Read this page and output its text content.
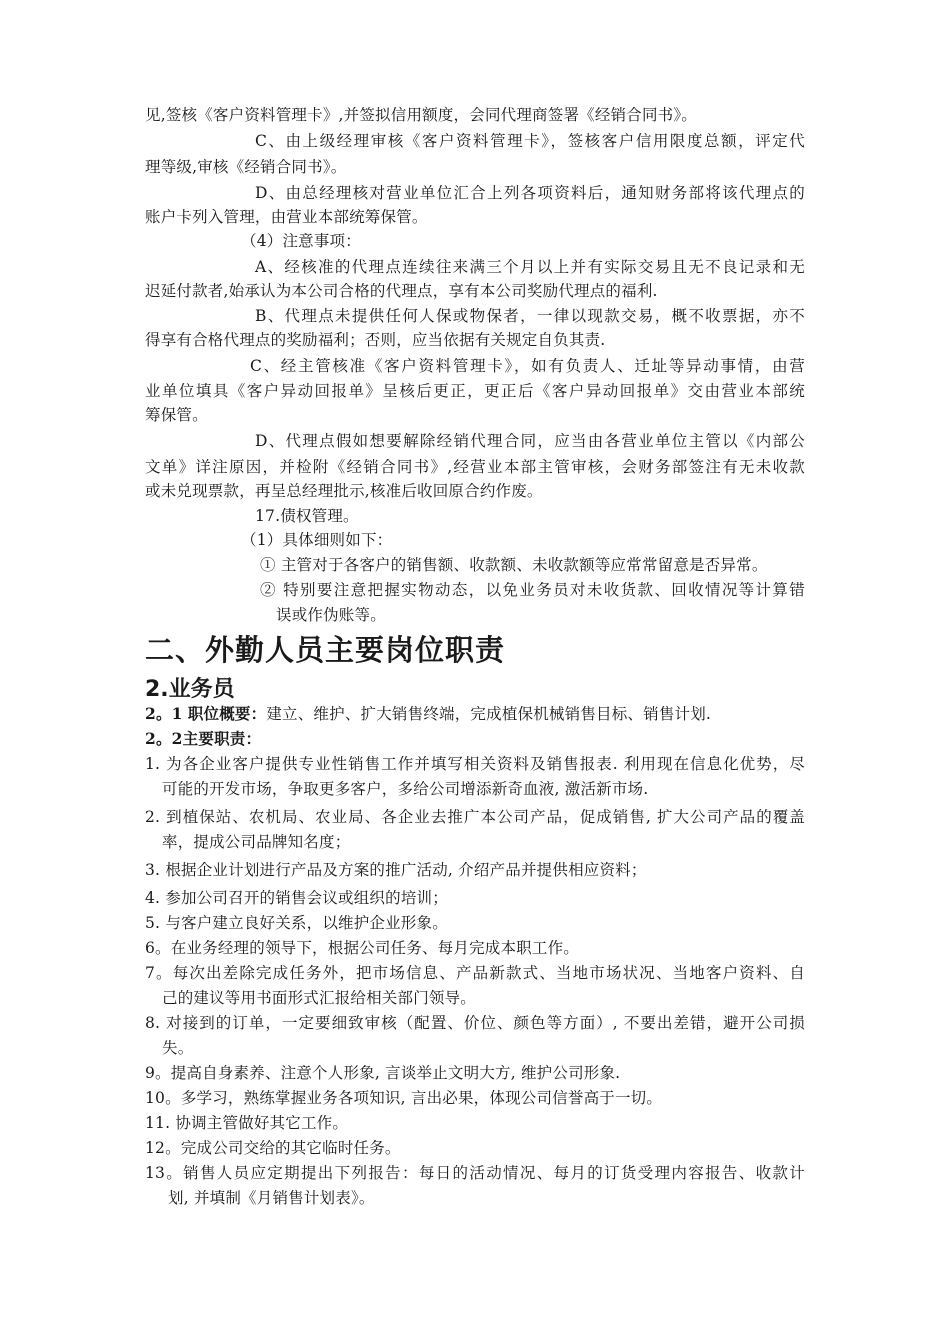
见,签核《客户资料管理卡》,并签拟信用额度，会同代理商签署《经销合同书》。
C、由上级经理审核《客户资料管理卡》，签核客户信用限度总额，评定代
理等级,审核《经销合同书》。
D、由总经理核对营业单位汇合上列各项资料后，通知财务部将该代理点的
账户卡列入管理，由营业本部统筹保管。
（4）注意事项：
A、经核准的代理点连续往来满三个月以上并有实际交易且无不良记录和无
迟延付款者,始承认为本公司合格的代理点，享有本公司奖励代理点的福利.
B、代理点未提供任何人保或物保者，一律以现款交易，概不收票据，亦不
得享有合格代理点的奖励福利；否则，应当依据有关规定自负其责.
C、经主管核准《客户资料管理卡》，如有负责人、迁址等异动事情，由营
业单位填具《客户异动回报单》呈核后更正，更正后《客户异动回报单》交由营业本部统
筹保管。
D、代理点假如想要解除经销代理合同，应当由各营业单位主管以《内部公
文单》详注原因，并检附《经销合同书》,经营业本部主管审核，会财务部签注有无未收款
或未兑现票款，再呈总经理批示,核准后收回原合约作废。
17.债权管理。
（1）具体细则如下：
① 主管对于各客户的销售额、收款额、未收款额等应常常留意是否异常。
② 特别要注意把握实物动态，以免业务员对未收货款、回收情况等计算错
误或作伪账等。
二、外勤人员主要岗位职责
2.业务员
2。1 职位概要：建立、维护、扩大销售终端，完成植保机械销售目标、销售计划.
2。2主要职责：
1. 为各企业客户提供专业性销售工作并填写相关资料及销售报表. 利用现在信息化优势，尽
可能的开发市场，争取更多客户，多给公司增添新奇血液, 激活新市场.
2. 到植保站、农机局、农业局、各企业去推广本公司产品，促成销售, 扩大公司产品的覆盖
率，提成公司品牌知名度；
3. 根据企业计划进行产品及方案的推广活动, 介绍产品并提供相应资料；
4. 参加公司召开的销售会议或组织的培训；
5. 与客户建立良好关系，以维护企业形象。
6。在业务经理的领导下，根据公司任务、每月完成本职工作。
7。每次出差除完成任务外，把市场信息、产品新款式、当地市场状况、当地客户资料、自
己的建议等用书面形式汇报给相关部门领导。
8. 对接到的订单，一定要细致审核（配置、价位、颜色等方面）, 不要出差错，避开公司损
失。
9。提高自身素养、注意个人形象, 言谈举止文明大方, 维护公司形象.
10。多学习，熟练掌握业务各项知识, 言出必果，体现公司信誉高于一切。
11. 协调主管做好其它工作。
12。完成公司交给的其它临时任务。
13。销售人员应定期提出下列报告：每日的活动情况、每月的订货受理内容报告、收款计
划, 并填制《月销售计划表》。
